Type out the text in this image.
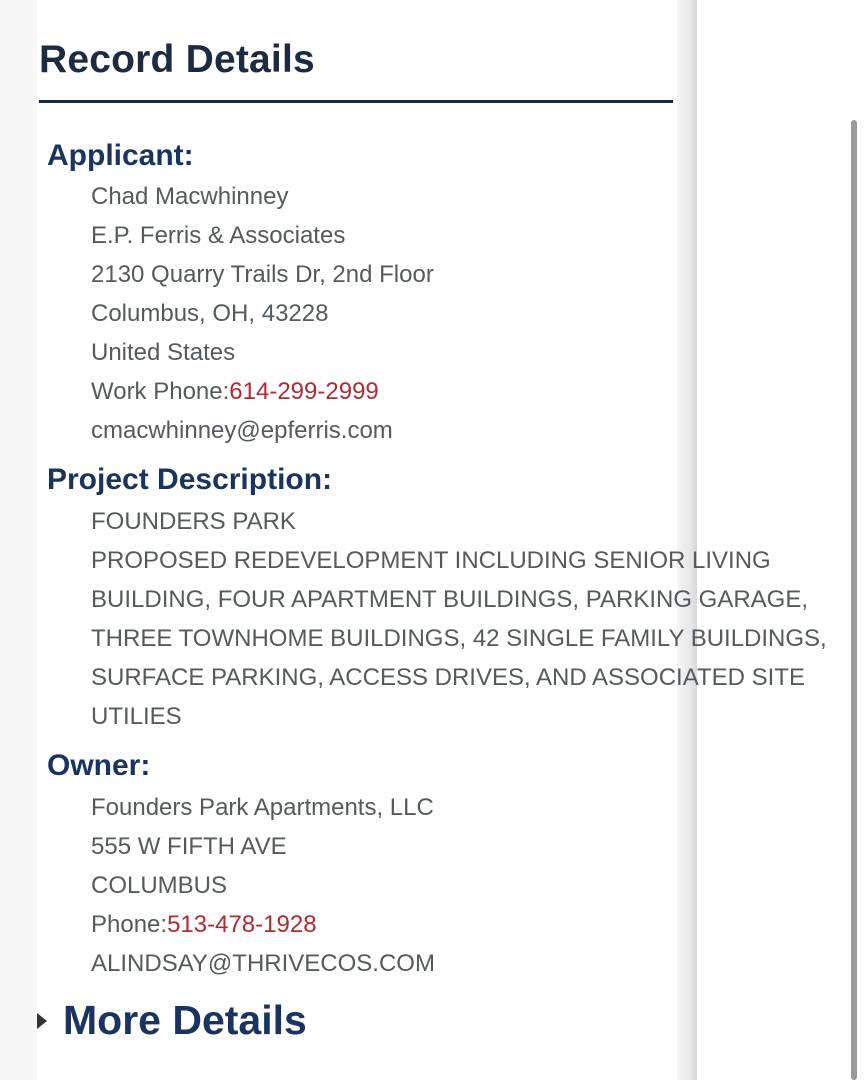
Record Details
Applicant:
Chad Macwhinney
E.P. Ferris & Associates
2130 Quarry Trails Dr, 2nd Floor
Columbus, OH, 43228
United States
Work Phone:614-299-2999
cmacwhinney@epferris.com
Project Description:
FOUNDERS PARK
PROPOSED REDEVELOPMENT INCLUDING SENIOR LIVING
BUILDING, FOUR APARTMENT BUILDINGS, PARKING GARAGE,
THREE TOWNHOME BUILDINGS, 42 SINGLE FAMILY BUILDINGS,
SURFACE PARKING, ACCESS DRIVES, AND ASSOCIATED SITE
UTILIES
Owner:
Founders Park Apartments, LLC
555 W FIFTH AVE
COLUMBUS
Phone:513-478-1928
ALINDSAY@THRIVECOS.COM
More Details
